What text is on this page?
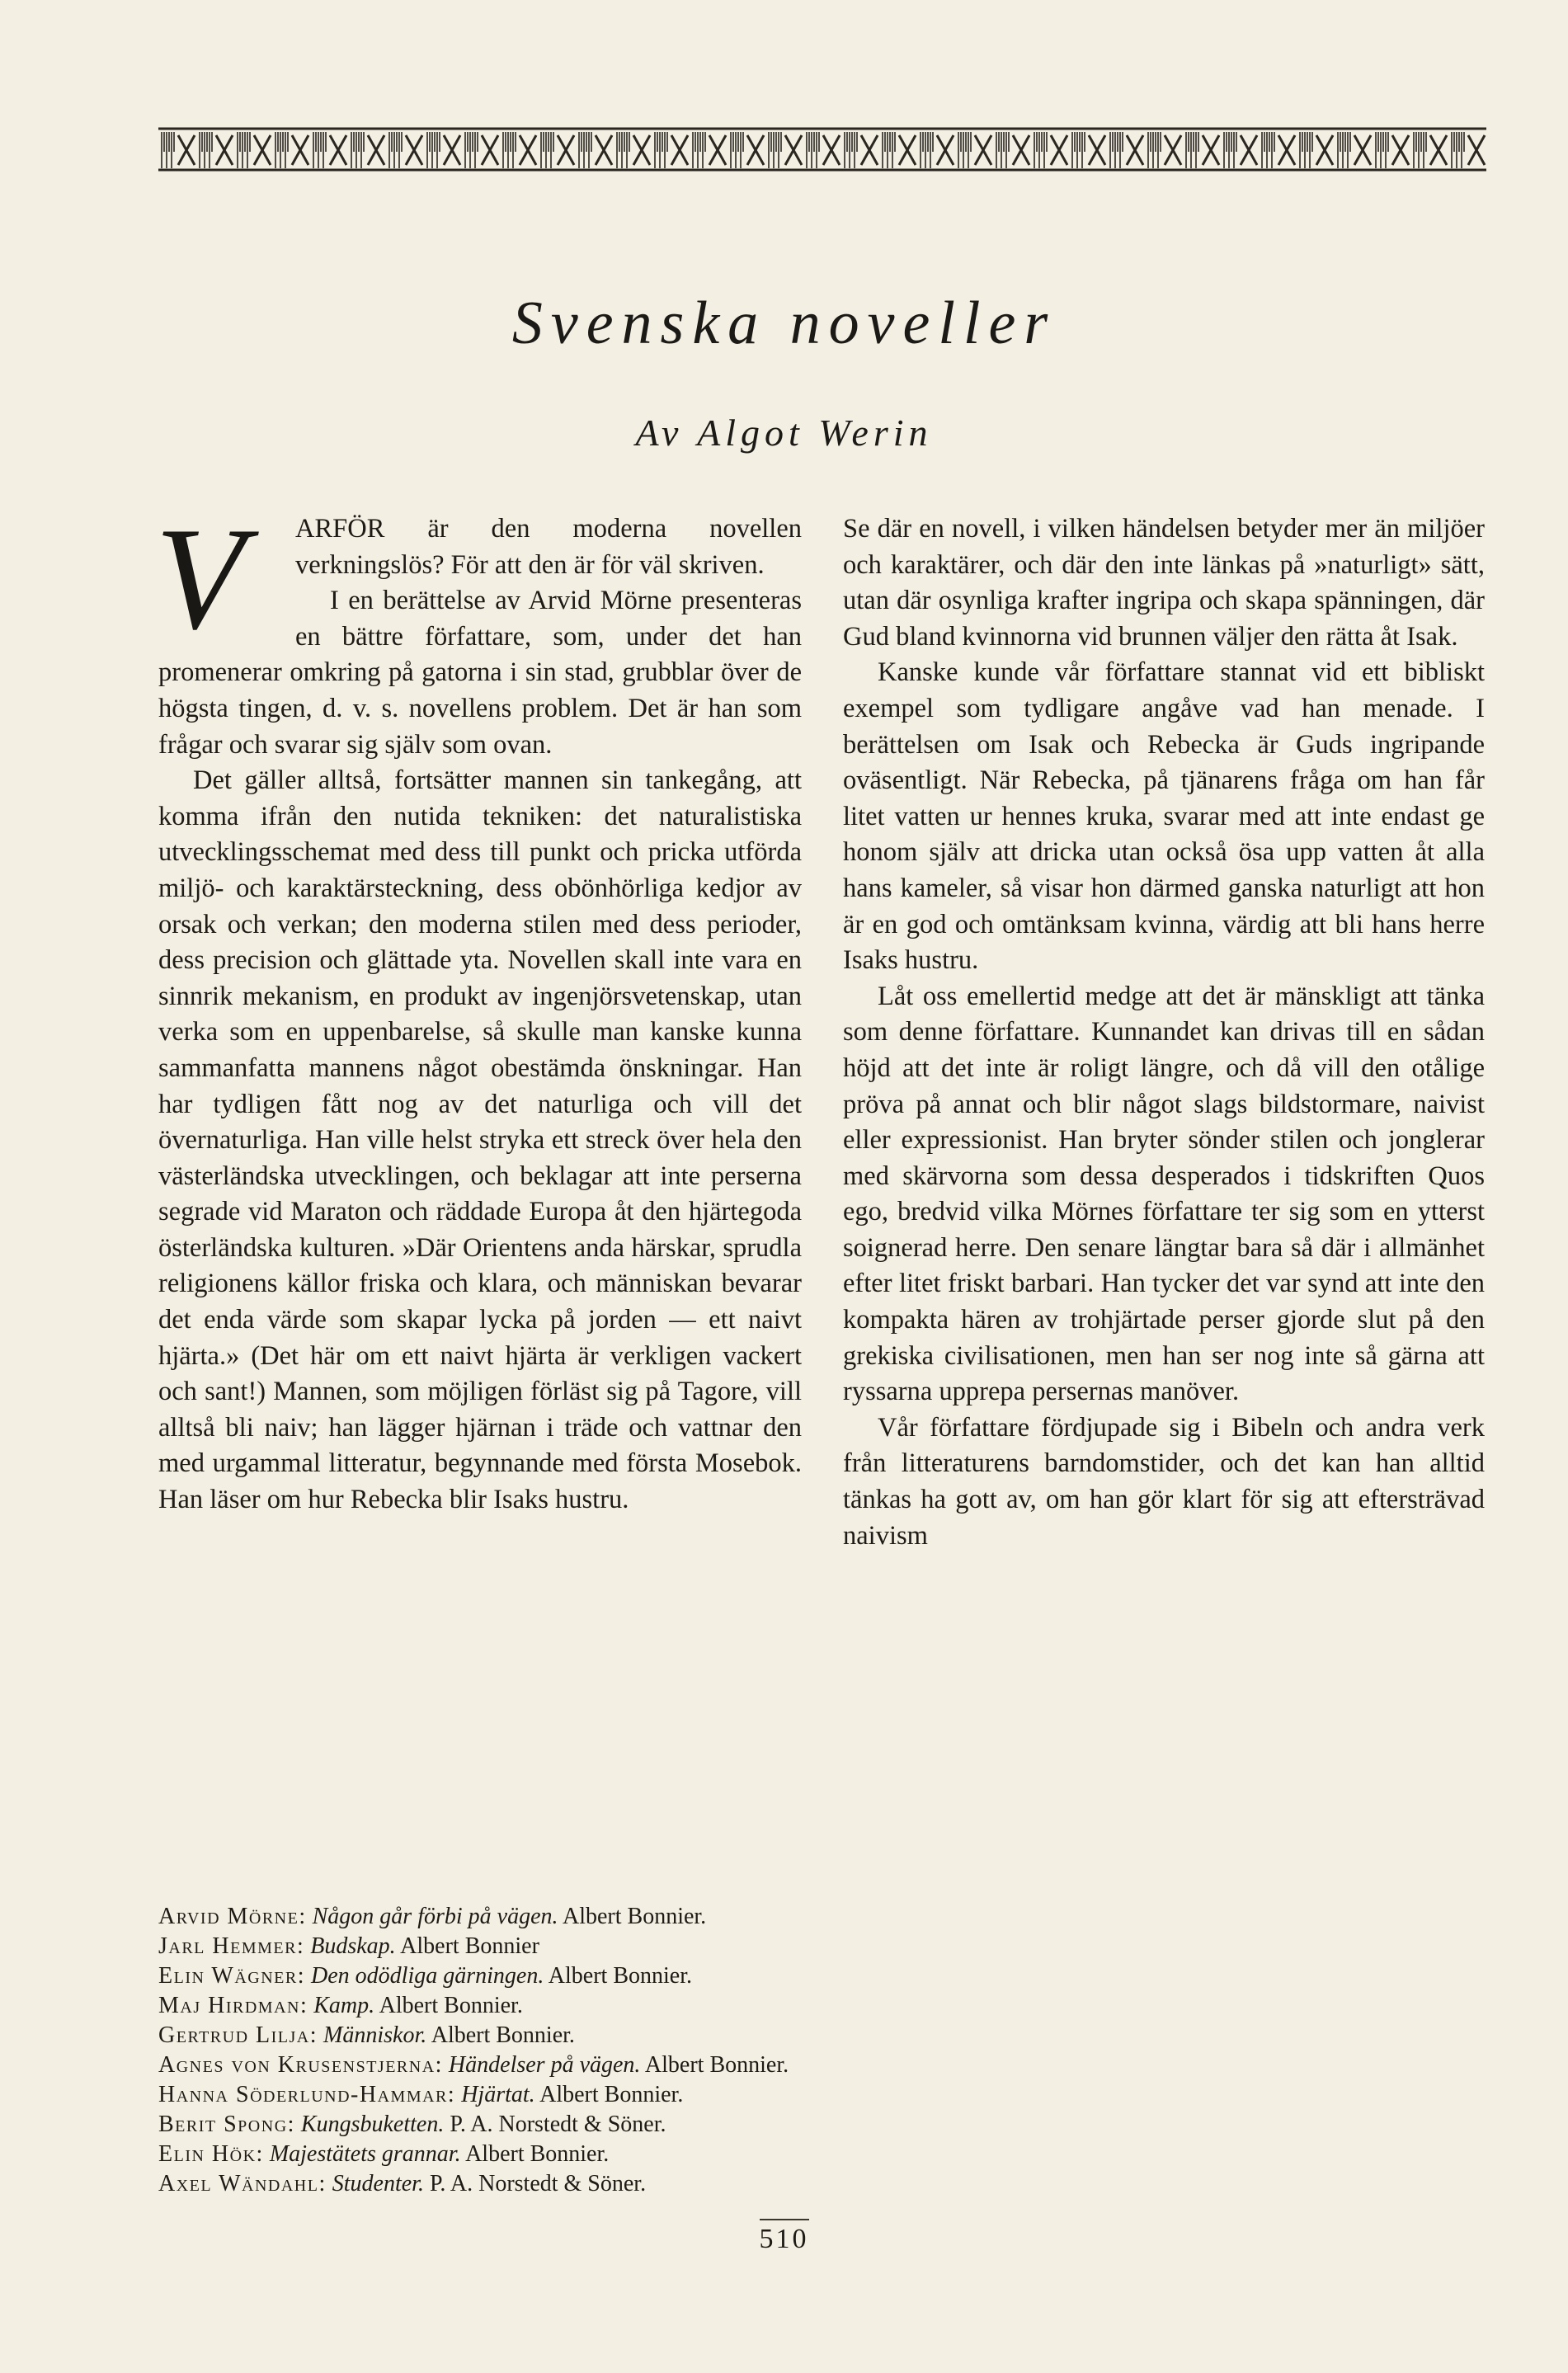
Svenska noveller
Av Algot Werin
V	ARFÖR är den moderna novellen verkningslös? För att den är för väl skriven.

I en berättelse av Arvid Mörne presenteras en bättre författare, som, under det han promenerar omkring på gatorna i sin stad, grubblar över de högsta tingen, d. v. s. novellens problem. Det är han som frågar och svarar sig själv som ovan.

Det gäller alltså, fortsätter mannen sin tankegång, att komma ifrån den nutida tekniken: det naturalistiska utvecklingsschemat med dess till punkt och pricka utförda miljö- och karaktärsteckning, dess obönhörliga kedjor av orsak och verkan; den moderna stilen med dess perioder, dess precision och glättade yta. Novellen skall inte vara en sinnrik mekanism, en produkt av ingenjörsvetenskap, utan verka som en uppenbarelse, så skulle man kanske kunna sammanfatta mannens något obestämda önskningar. Han har tydligen fått nog av det naturliga och vill det övernaturliga. Han ville helst stryka ett streck över hela den västerländska utvecklingen, och beklagar att inte perserna segrade vid Maraton och räddade Europa åt den hjärtegoda österländska kulturen. »Där Orientens anda härskar, sprudla religionens källor friska och klara, och människan bevarar det enda värde som skapar lycka på jorden — ett naivt hjärta.» (Det här om ett naivt hjärta är verkligen vackert och sant!) Mannen, som möjligen förläst sig på Tagore, vill alltså bli naiv; han lägger hjärnan i träde och vattnar den med urgammal litteratur, begynnande med första Mosebok. Han läser om hur Rebecka blir Isaks hustru.

Se där en novell, i vilken händelsen betyder mer än miljöer och karaktärer, och där den inte länkas på »naturligt» sätt, utan där osynliga krafter ingripa och skapa spänningen, där Gud bland kvinnorna vid brunnen väljer den rätta åt Isak.

Kanske kunde vår författare stannat vid ett bibliskt exempel som tydligare angåve vad han menade. I berättelsen om Isak och Rebecka är Guds ingripande oväsentligt. När Rebecka, på tjänarens fråga om han får litet vatten ur hennes kruka, svarar med att inte endast ge honom själv att dricka utan också ösa upp vatten åt alla hans kameler, så visar hon därmed ganska naturligt att hon är en god och omtänksam kvinna, värdig att bli hans herre Isaks hustru.

Låt oss emellertid medge att det är mänskligt att tänka som denne författare. Kunnandet kan drivas till en sådan höjd att det inte är roligt längre, och då vill den otålige pröva på annat och blir något slags bildstormare, naivist eller expressionist. Han bryter sönder stilen och jonglerar med skärvorna som dessa desperados i tidskriften Quos ego, bredvid vilka Mörnes författare ter sig som en ytterst soignerad herre. Den senare längtar bara så där i allmänhet efter litet friskt barbari. Han tycker det var synd att inte den kompakta hären av trohjärtade perser gjorde slut på den grekiska civilisationen, men han ser nog inte så gärna att ryssarna upprepa persernas manöver.

Vår författare fördjupade sig i Bibeln och andra verk från litteraturens barndomstider, och det kan han alltid tänkas ha gott av, om han gör klart för sig att eftersträvad naivism

Arvid Mörne: Någon går förbi på vägen. Albert Bonnier.
Jarl Hemmer: Budskap. Albert Bonnier
Elin Wägner: Den odödliga gärningen. Albert Bonnier.
Maj Hirdman: Kamp. Albert Bonnier.
Gertrud Lilja: Människor. Albert Bonnier.
Agnes von Krusenstjerna: Händelser på vägen. Albert Bonnier.
Hanna Söderlund-Hammar: Hjärtat. Albert Bonnier.
Berit Spong: Kungsbuketten. P. A. Norstedt & Söner.
Elin Hök: Majestätets grannar. Albert Bonnier.
Axel Wändahl: Studenter. P. A. Norstedt & Söner.
510
